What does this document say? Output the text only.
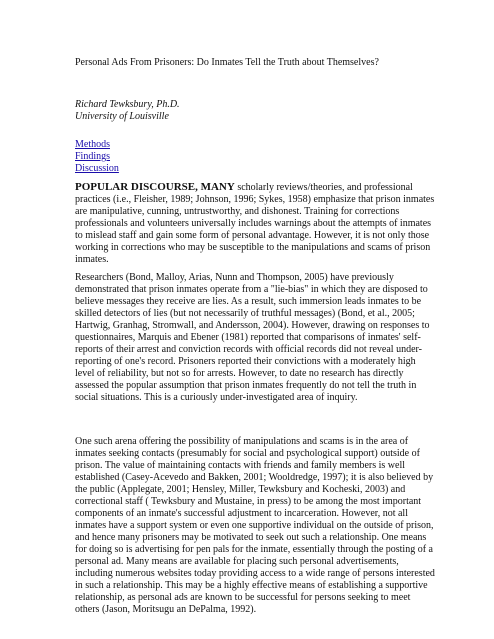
Personal Ads From Prisoners: Do Inmates Tell the Truth about Themselves?
Richard Tewksbury, Ph.D.
University of Louisville
Methods
Findings
Discussion

POPULAR DISCOURSE, MANY scholarly reviews/theories, and professional
practices (i.e., Fleisher, 1989; Johnson, 1996; Sykes, 1958) emphasize that prison inmates
are manipulative, cunning, untrustworthy, and dishonest. Training for corrections
professionals and volunteers universally includes warnings about the attempts of inmates
to mislead staff and gain some form of personal advantage. However, it is not only those
working in corrections who may be susceptible to the manipulations and scams of prison
inmates.

Researchers (Bond, Malloy, Arias, Nunn and Thompson, 2005) have previously
demonstrated that prison inmates operate from a "lie-bias" in which they are disposed to
believe messages they receive are lies. As a result, such immersion leads inmates to be
skilled detectors of lies (but not necessarily of truthful messages) (Bond, et al., 2005;
Hartwig, Granhag, Stromwall, and Andersson, 2004). However, drawing on responses to
questionnaires, Marquis and Ebener (1981) reported that comparisons of inmates' self-
reports of their arrest and conviction records with official records did not reveal under-
reporting of one's record. Prisoners reported their convictions with a moderately high
level of reliability, but not so for arrests. However, to date no research has directly
assessed the popular assumption that prison inmates frequently do not tell the truth in
social situations. This is a curiously under-investigated area of inquiry.

One such arena offering the possibility of manipulations and scams is in the area of
inmates seeking contacts (presumably for social and psychological support) outside of
prison. The value of maintaining contacts with friends and family members is well
established (Casey-Acevedo and Bakken, 2001; Wooldredge, 1997); it is also believed by
the public (Applegate, 2001; Hensley, Miller, Tewksbury and Kocheski, 2003) and
correctional staff ( Tewksbury and Mustaine, in press) to be among the most important
components of an inmate's successful adjustment to incarceration. However, not all
inmates have a support system or even one supportive individual on the outside of prison,
and hence many prisoners may be motivated to seek out such a relationship. One means
for doing so is advertising for pen pals for the inmate, essentially through the posting of a
personal ad. Many means are available for placing such personal advertisements,
including numerous websites today providing access to a wide range of persons interested
in such a relationship. This may be a highly effective means of establishing a supportive
relationship, as personal ads are known to be successful for persons seeking to meet
others (Jason, Moritsugu an DePalma, 1992).
